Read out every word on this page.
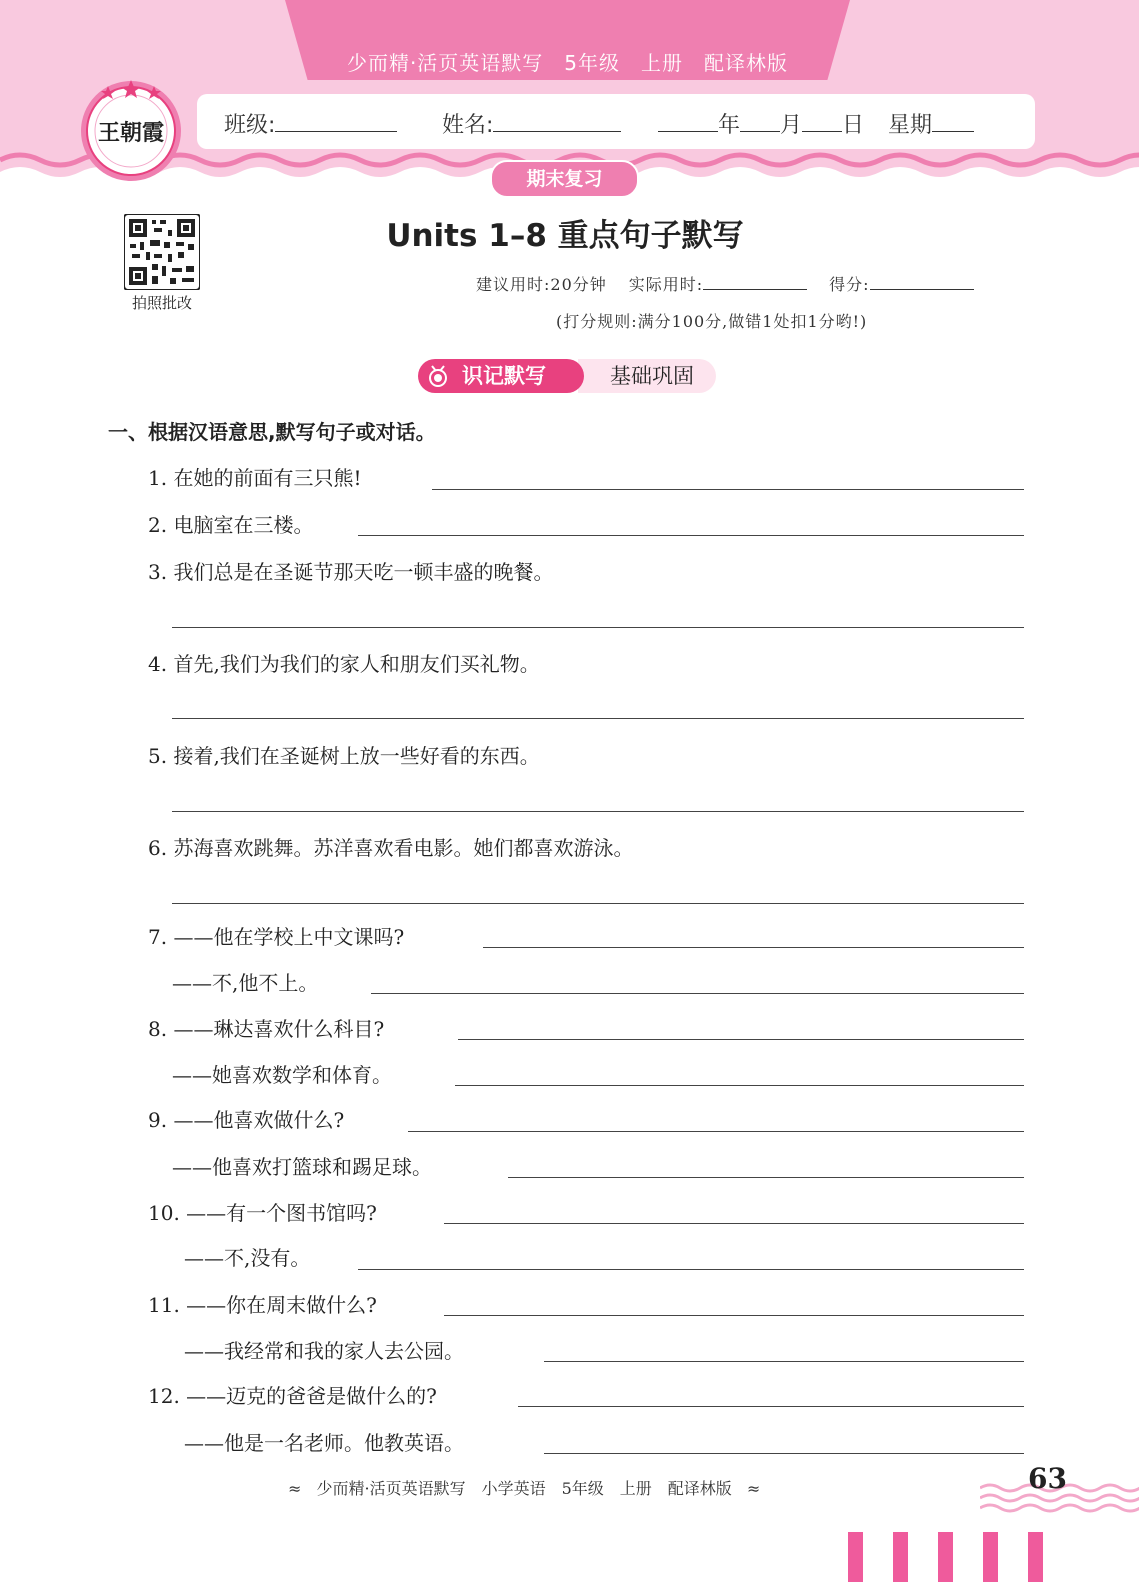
少而精·活页英语默写　5年级　上册　配译林版
班级:	姓名:	年 月 日 星期
期末复习
王朝霞
拍照批改
Units 1–8 重点句子默写
建议用时:20分钟 实际用时:	得分:
(打分规则:满分100分,做错1处扣1分哟!)
基础巩固
识记默写
一、根据汉语意思,默写句子或对话。
1. 在她的前面有三只熊!
2. 电脑室在三楼。
3. 我们总是在圣诞节那天吃一顿丰盛的晚餐。
4. 首先,我们为我们的家人和朋友们买礼物。
5. 接着,我们在圣诞树上放一些好看的东西。
6. 苏海喜欢跳舞。苏洋喜欢看电影。她们都喜欢游泳。
7. ——他在学校上中文课吗?
——不,他不上。
8. ——琳达喜欢什么科目?
——她喜欢数学和体育。
9. ——他喜欢做什么?
——他喜欢打篮球和踢足球。
10. ——有一个图书馆吗?
——不,没有。
11. ——你在周末做什么?
——我经常和我的家人去公园。
12. ——迈克的爸爸是做什么的?
——他是一名老师。他教英语。
≈ 少而精·活页英语默写　小学英语　5年级　上册　配译林版 ≈	63
